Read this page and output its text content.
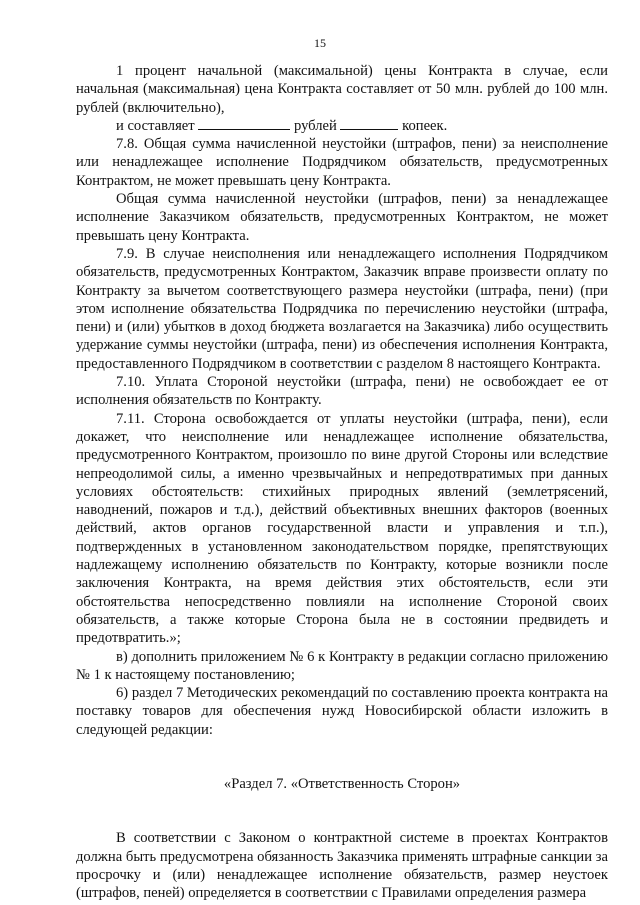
15

1 процент начальной (максимальной) цены Контракта в случае, если начальная (максимальная) цена Контракта составляет от 50 млн. рублей до 100 млн. рублей (включительно),

и составляет	рублей	копеек.

7.8. Общая сумма начисленной неустойки (штрафов, пени) за неисполнение или ненадлежащее исполнение Подрядчиком обязательств, предусмотренных Контрактом, не может превышать цену Контракта.

Общая сумма начисленной неустойки (штрафов, пени) за ненадлежащее исполнение Заказчиком обязательств, предусмотренных Контрактом, не может превышать цену Контракта.

7.9. В случае неисполнения или ненадлежащего исполнения Подрядчиком обязательств, предусмотренных Контрактом, Заказчик вправе произвести оплату по Контракту за вычетом соответствующего размера неустойки (штрафа, пени) (при этом исполнение обязательства Подрядчика по перечислению неустойки (штрафа, пени) и (или) убытков в доход бюджета возлагается на Заказчика) либо осуществить удержание суммы неустойки (штрафа, пени) из обеспечения исполнения Контракта, предоставленного Подрядчиком в соответствии с разделом 8 настоящего Контракта.

7.10. Уплата Стороной неустойки (штрафа, пени) не освобождает ее от исполнения обязательств по Контракту.

7.11. Сторона освобождается от уплаты неустойки (штрафа, пени), если докажет, что неисполнение или ненадлежащее исполнение обязательства, предусмотренного Контрактом, произошло по вине другой Стороны или вследствие непреодолимой силы, а именно чрезвычайных и непредотвратимых при данных условиях обстоятельств: стихийных природных явлений (землетрясений, наводнений, пожаров и т.д.), действий объективных внешних факторов (военных действий, актов органов государственной власти и управления и т.п.), подтвержденных в установленном законодательством порядке, препятствующих надлежащему исполнению обязательств по Контракту, которые возникли после заключения Контракта, на время действия этих обстоятельств, если эти обстоятельства непосредственно повлияли на исполнение Стороной своих обязательств, а также которые Сторона была не в состоянии предвидеть и предотвратить.»;

в) дополнить приложением № 6 к Контракту в редакции согласно приложению № 1 к настоящему постановлению;

6) раздел 7 Методических рекомендаций по составлению проекта контракта на поставку товаров для обеспечения нужд Новосибирской области изложить в следующей редакции:

«Раздел 7. «Ответственность Сторон»

В соответствии с Законом о контрактной системе в проектах Контрактов должна быть предусмотрена обязанность Заказчика применять штрафные санкции за просрочку и (или) ненадлежащее исполнение обязательств, размер неустоек (штрафов, пеней) определяется в соответствии с Правилами определения размера
